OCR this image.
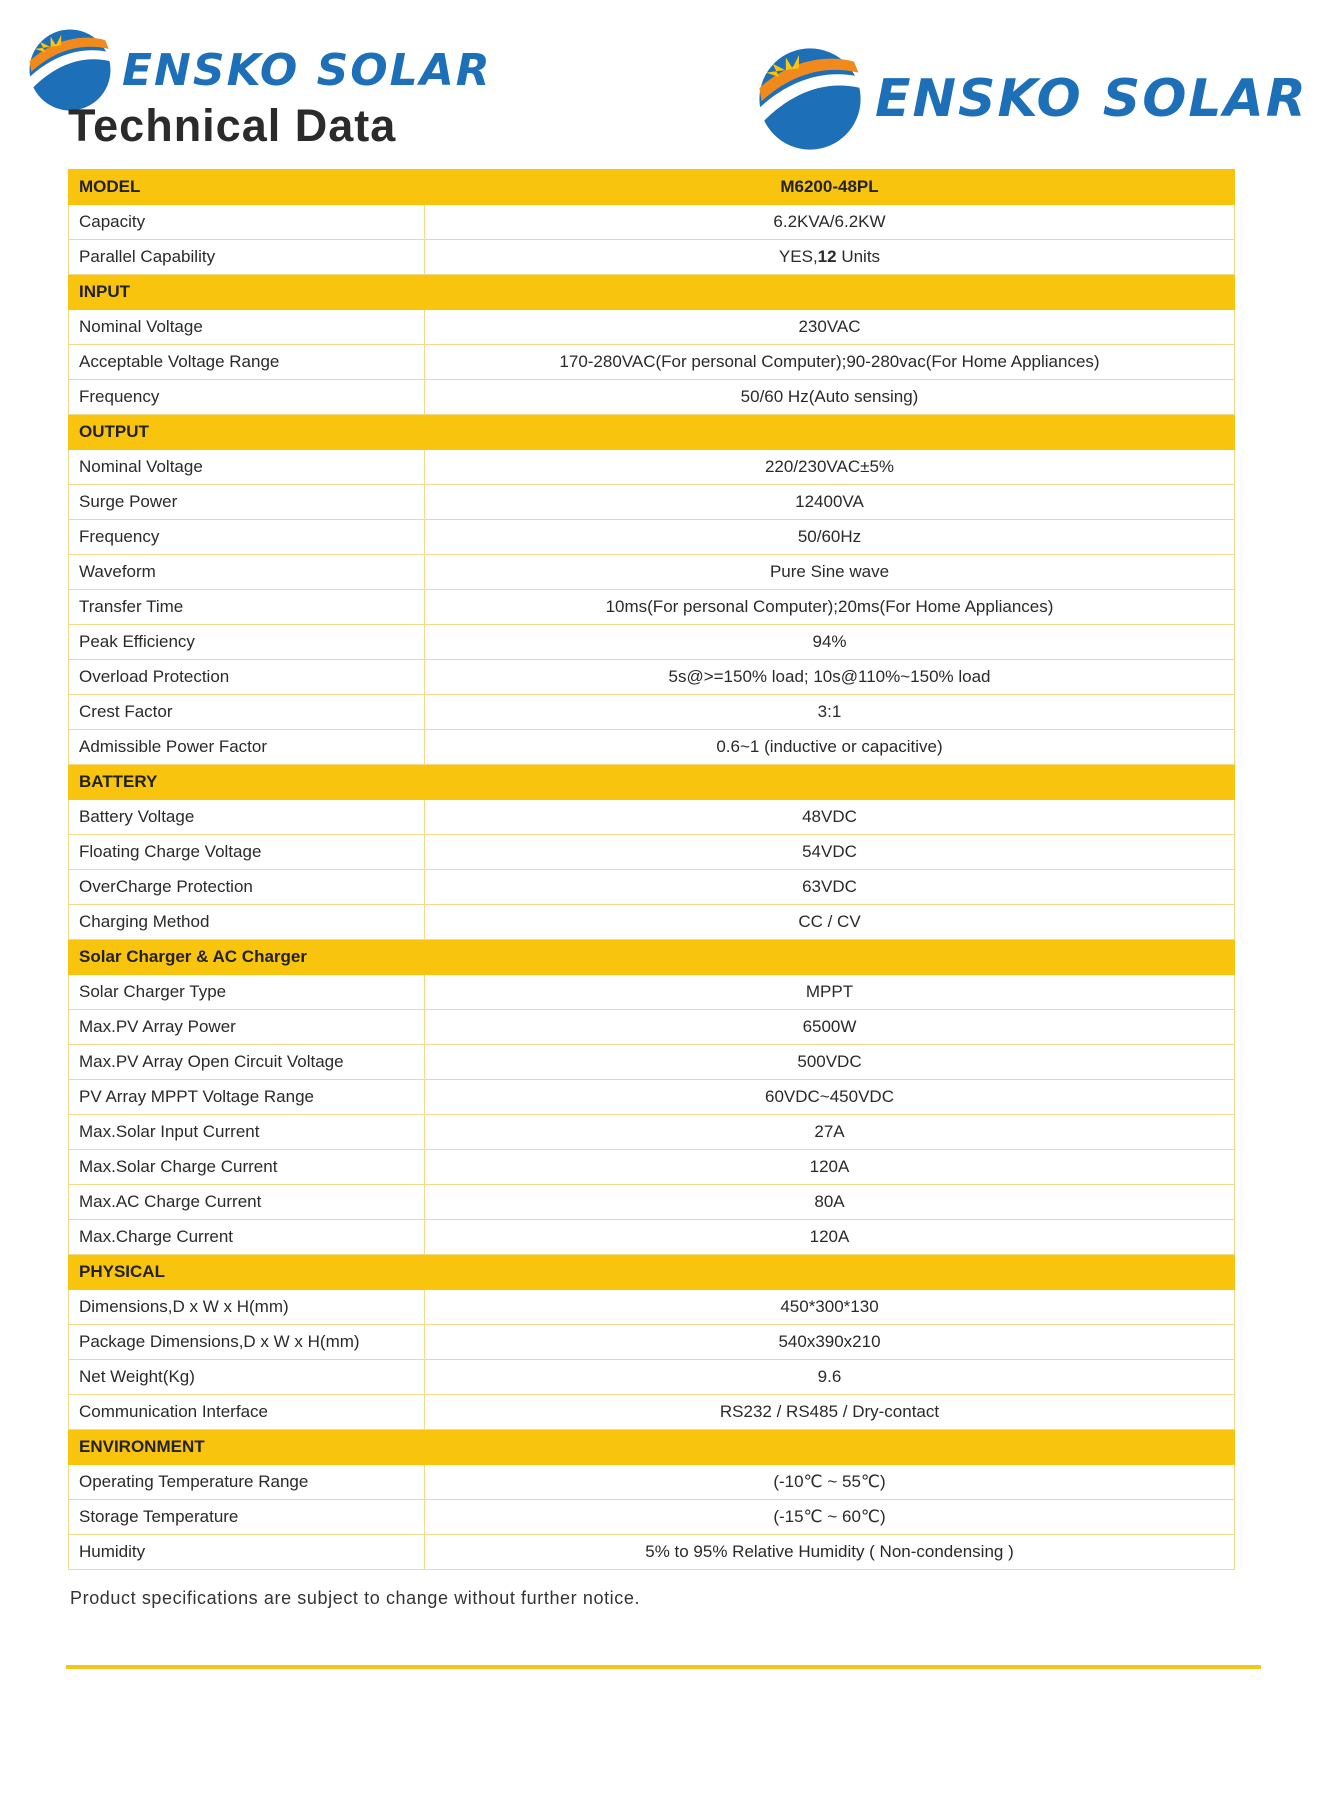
ENSKO SOLAR	ENSKO SOLAR
Technical Data
MODEL	M6200-48PL
Capacity	6.2KVA/6.2KW
Parallel Capability	YES,12 Units
INPUT	
Nominal Voltage	230VAC
Acceptable Voltage Range	170-280VAC(For personal Computer);90-280vac(For Home Appliances)
Frequency	50/60 Hz(Auto sensing)
OUTPUT	
Nominal Voltage	220/230VAC±5%
Surge Power	12400VA
Frequency	50/60Hz
Waveform	Pure Sine wave
Transfer Time	10ms(For personal Computer);20ms(For Home Appliances)
Peak Efficiency	94%
Overload Protection	5s@>=150% load; 10s@110%~150% load
Crest Factor	3:1
Admissible Power Factor	0.6~1 (inductive or capacitive)
BATTERY	
Battery Voltage	48VDC
Floating Charge Voltage	54VDC
OverCharge Protection	63VDC
Charging Method	CC / CV
Solar Charger & AC Charger	
Solar Charger Type	MPPT
Max.PV Array Power	6500W
Max.PV Array Open Circuit Voltage	500VDC
PV Array MPPT Voltage Range	60VDC~450VDC
Max.Solar Input Current	27A
Max.Solar Charge Current	120A
Max.AC Charge Current	80A
Max.Charge Current	120A
PHYSICAL	
Dimensions,D x W x H(mm)	450*300*130
Package Dimensions,D x W x H(mm)	540x390x210
Net Weight(Kg)	9.6
Communication Interface	RS232 / RS485 / Dry-contact
ENVIRONMENT	
Operating Temperature Range	(-10℃ ~ 55℃)
Storage Temperature	(-15℃ ~ 60℃)
Humidity	5% to 95% Relative Humidity ( Non-condensing )

Product specifications are subject to change without further notice.
